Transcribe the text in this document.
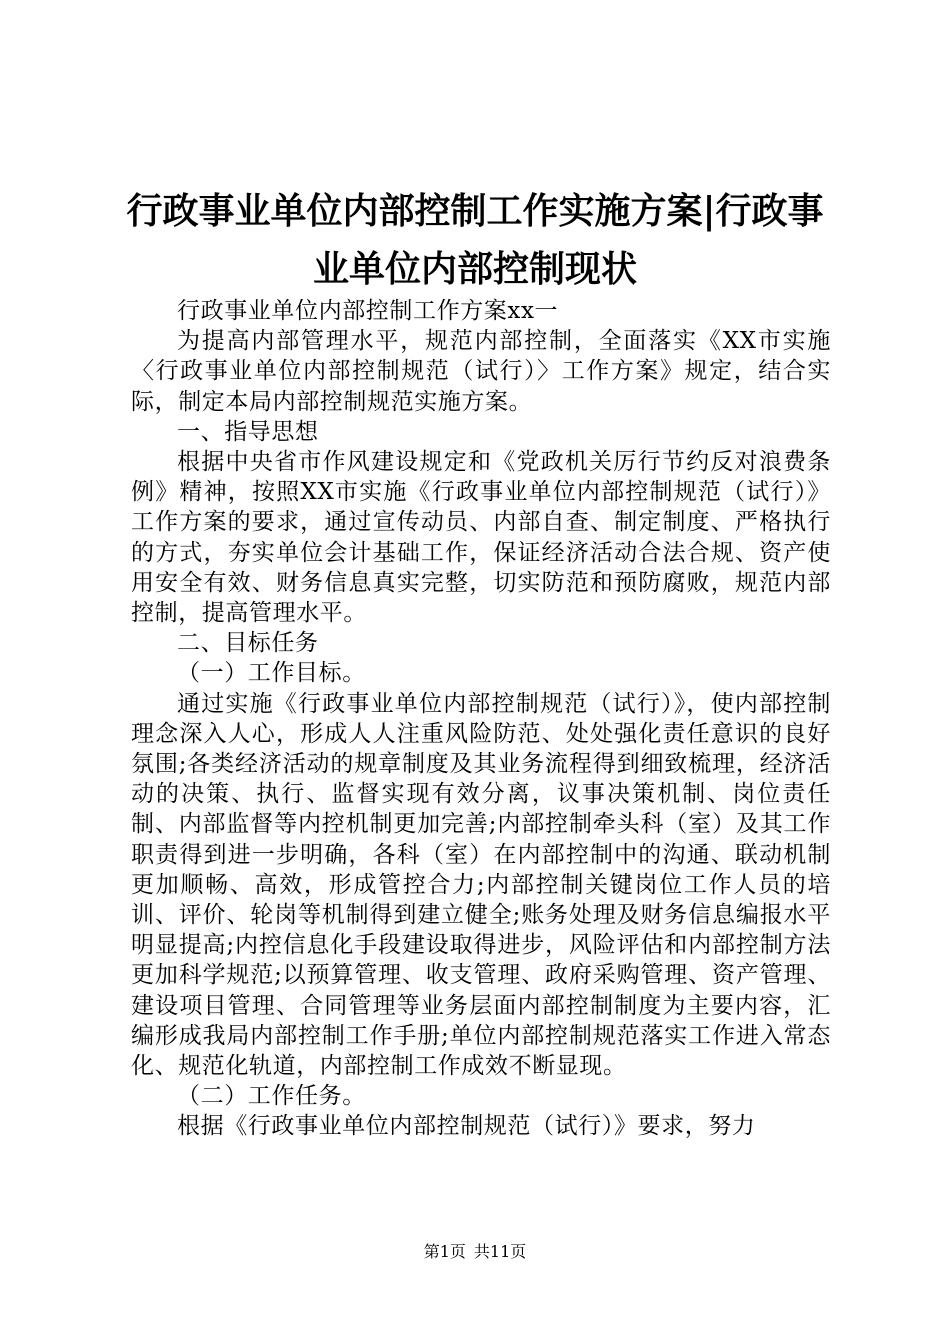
行政事业单位内部控制工作实施方案|行政事
业单位内部控制现状

行政事业单位内部控制工作方案xx一

为提高内部管理水平，规范内部控制，全面落实《XX市实施〈行政事业单位内部控制规范（试行）〉工作方案》规定，结合实际，制定本局内部控制规范实施方案。

一、指导思想

根据中央省市作风建设规定和《党政机关厉行节约反对浪费条例》精神，按照XX市实施《行政事业单位内部控制规范（试行）》工作方案的要求，通过宣传动员、内部自查、制定制度、严格执行的方式，夯实单位会计基础工作，保证经济活动合法合规、资产使用安全有效、财务信息真实完整，切实防范和预防腐败，规范内部控制，提高管理水平。

二、目标任务

（一）工作目标。

通过实施《行政事业单位内部控制规范（试行）》，使内部控制理念深入人心，形成人人注重风险防范、处处强化责任意识的良好氛围;各类经济活动的规章制度及其业务流程得到细致梳理，经济活动的决策、执行、监督实现有效分离，议事决策机制、岗位责任制、内部监督等内控机制更加完善;内部控制牵头科（室）及其工作职责得到进一步明确，各科（室）在内部控制中的沟通、联动机制更加顺畅、高效，形成管控合力;内部控制关键岗位工作人员的培训、评价、轮岗等机制得到建立健全;账务处理及财务信息编报水平明显提高;内控信息化手段建设取得进步，风险评估和内部控制方法更加科学规范;以预算管理、收支管理、政府采购管理、资产管理、建设项目管理、合同管理等业务层面内部控制制度为主要内容，汇编形成我局内部控制工作手册;单位内部控制规范落实工作进入常态化、规范化轨道，内部控制工作成效不断显现。

（二）工作任务。

根据《行政事业单位内部控制规范（试行）》要求，努力

第1页 共11页
